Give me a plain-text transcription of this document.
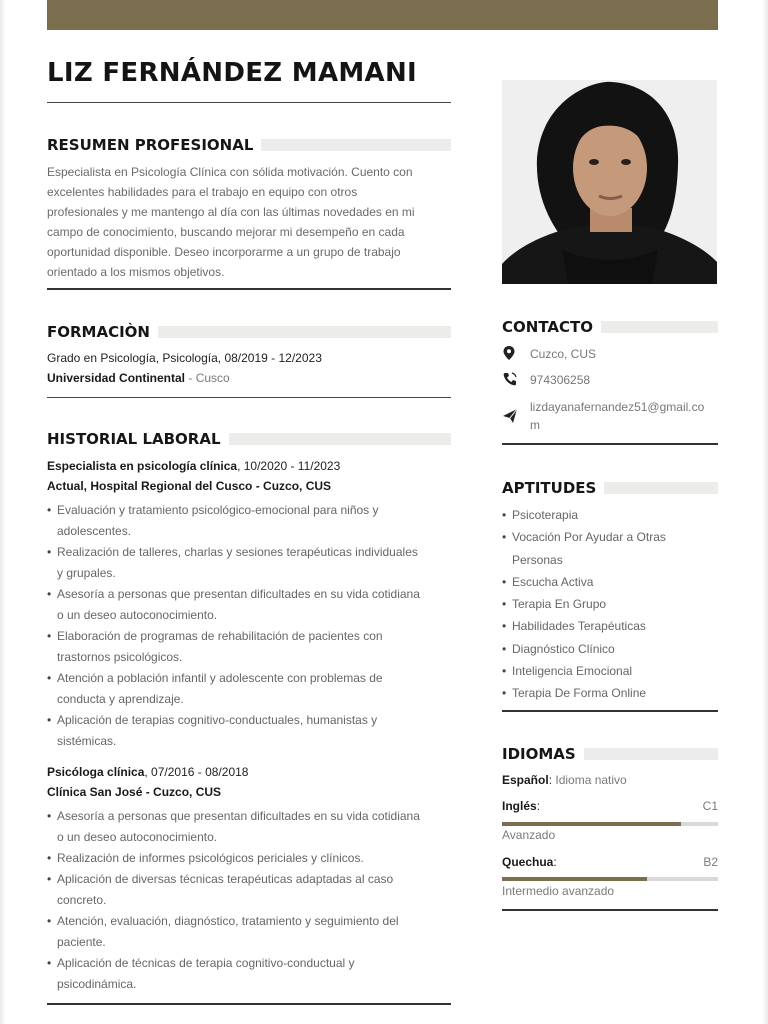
LIZ FERNÁNDEZ MAMANI
RESUMEN PROFESIONAL
Especialista en Psicología Clínica con sólida motivación. Cuento con
excelentes habilidades para el trabajo en equipo con otros
profesionales y me mantengo al día con las últimas novedades en mi
campo de conocimiento, buscando mejorar mi desempeño en cada
oportunidad disponible. Deseo incorporarme a un grupo de trabajo
orientado a los mismos objetivos.
FORMACIÒN
Grado en Psicología, Psicología, 08/2019 - 12/2023
Universidad Continental - Cusco
HISTORIAL LABORAL
Especialista en psicología clínica, 10/2020 - 11/2023
Actual, Hospital Regional del Cusco - Cuzco, CUS
• Evaluación y tratamiento psicológico-emocional para niños y
adolescentes.
• Realización de talleres, charlas y sesiones terapéuticas individuales
y grupales.
• Asesoría a personas que presentan dificultades en su vida cotidiana
o un deseo autoconocimiento.
• Elaboración de programas de rehabilitación de pacientes con
trastornos psicológicos.
• Atención a población infantil y adolescente con problemas de
conducta y aprendizaje.
• Aplicación de terapias cognitivo-conductuales, humanistas y
sistémicas.
Psicóloga clínica, 07/2016 - 08/2018
Clínica San José - Cuzco, CUS
• Asesoría a personas que presentan dificultades en su vida cotidiana
o un deseo autoconocimiento.
• Realización de informes psicológicos periciales y clínicos.
• Aplicación de diversas técnicas terapéuticas adaptadas al caso
concreto.
• Atención, evaluación, diagnóstico, tratamiento y seguimiento del
paciente.
• Aplicación de técnicas de terapia cognitivo-conductual y
psicodinámica.
CONTACTO
Cuzco, CUS
974306258
lizdayanafernandez51@gmail.co
m
APTITUDES
• Psicoterapia
• Vocación Por Ayudar a Otras
Personas
• Escucha Activa
• Terapia En Grupo
• Habilidades Terapéuticas
• Diagnóstico Clínico
• Inteligencia Emocional
• Terapia De Forma Online
IDIOMAS
Español: Idioma nativo
Inglés:	C1
Avanzado
Quechua:	B2
Intermedio avanzado
